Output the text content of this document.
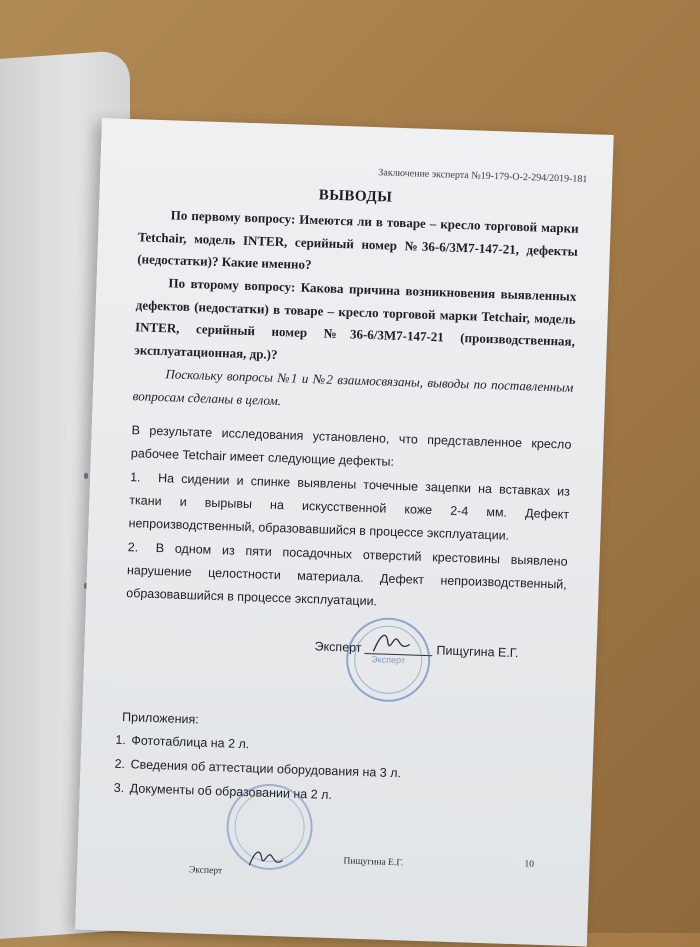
Заключение эксперта №19-179-О-2-294/2019-181
ВЫВОДЫ
По первому вопросу: Имеются ли в товаре – кресло торговой марки Tetchair, модель INTER, серийный номер №36-6/3М7-147-21, дефекты (недостатки)? Какие именно?
По второму вопросу: Какова причина возникновения выявленных дефектов (недостатки) в товаре – кресло торговой марки Tetchair, модель INTER, серийный номер №36-6/3М7-147-21 (производственная, эксплуатационная, др.)?
Поскольку вопросы №1 и №2 взаимосвязаны, выводы по поставленным вопросам сделаны в целом.
В результате исследования установлено, что представленное кресло рабочее Tetchair имеет следующие дефекты:
1. На сидении и спинке выявлены точечные зацепки на вставках из ткани и вырывы на искусственной коже 2-4 мм. Дефект непроизводственный, образовавшийся в процессе эксплуатации.
2. В одном из пяти посадочных отверстий крестовины выявлено нарушение целостности материала. Дефект непроизводственный, образовавшийся в процессе эксплуатации.
Эксперт	Пищугина Е.Г.
Эксперт
Приложения:
1. Фототаблица на 2 л.
2. Сведения об аттестации оборудования на 3 л.
3. Документы об образовании на 2 л.
Эксперт
Пищугина Е.Г.	10
